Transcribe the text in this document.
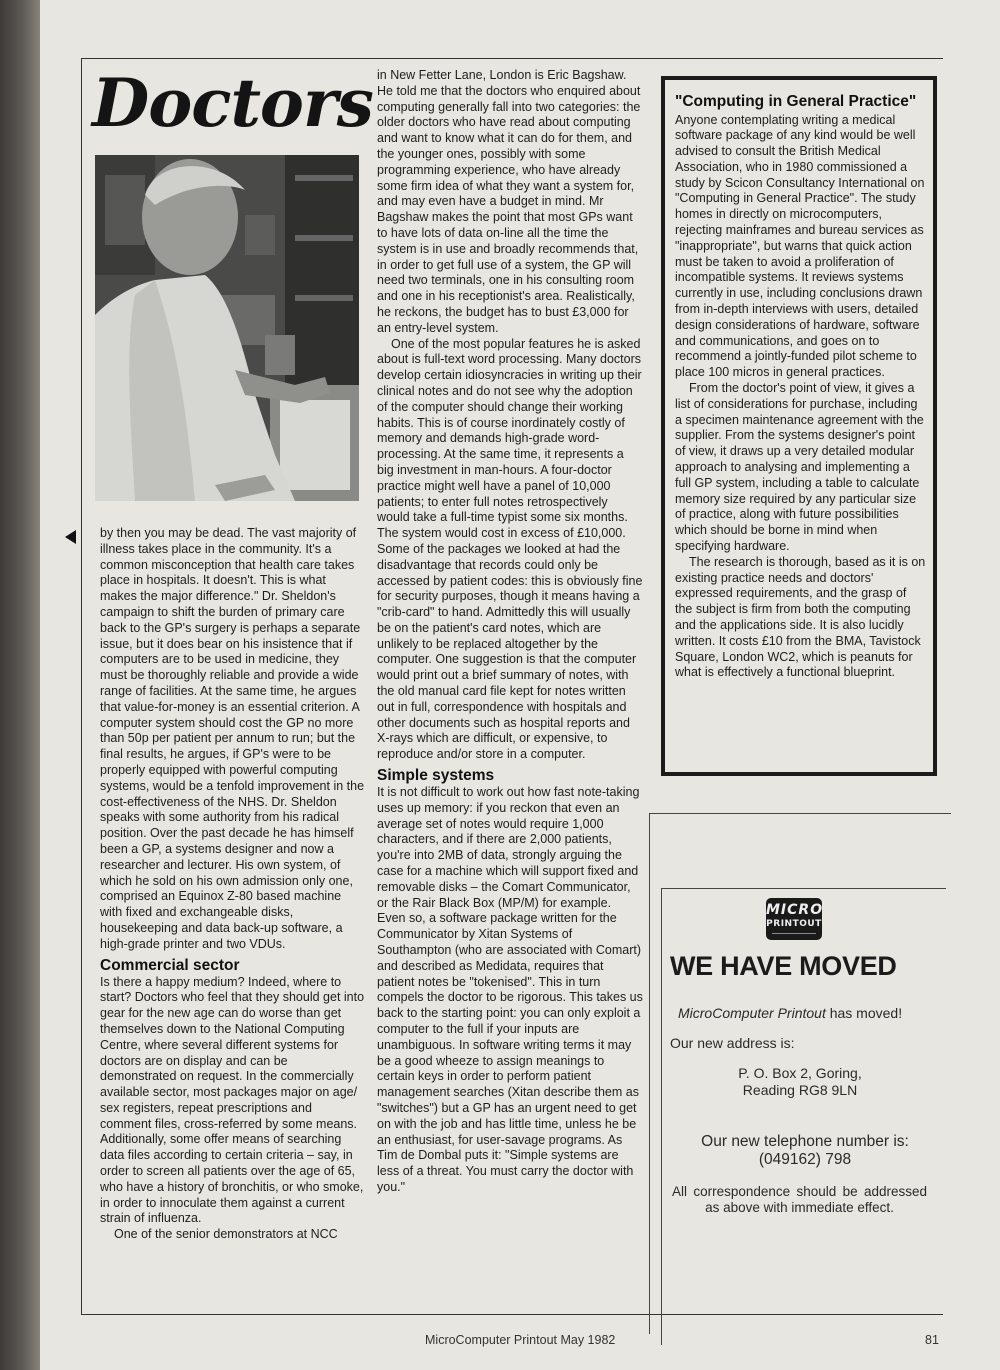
Doctors

by then you may be dead. The vast majority of illness takes place in the community. It's a common misconception that health care takes place in hospitals. It doesn't. This is what makes the major difference." Dr. Sheldon's campaign to shift the burden of primary care back to the GP's surgery is perhaps a separate issue, but it does bear on his insistence that if computers are to be used in medicine, they must be thoroughly reliable and provide a wide range of facilities. At the same time, he argues that value-for-money is an essential criterion. A computer system should cost the GP no more than 50p per patient per annum to run; but the final results, he argues, if GP's were to be properly equipped with powerful computing systems, would be a tenfold improvement in the cost-effectiveness of the NHS. Dr. Sheldon speaks with some authority from his radical position. Over the past decade he has himself been a GP, a systems designer and now a researcher and lecturer. His own system, of which he sold on his own admission only one, comprised an Equinox Z-80 based machine with fixed and exchangeable disks, housekeeping and data back-up software, a high-grade printer and two VDUs.

Commercial sector

Is there a happy medium? Indeed, where to start? Doctors who feel that they should get into gear for the new age can do worse than get themselves down to the National Computing Centre, where several different systems for doctors are on display and can be demonstrated on request. In the commercially available sector, most packages major on age/ sex registers, repeat prescriptions and comment files, cross-referred by some means. Additionally, some offer means of searching data files according to certain criteria – say, in order to screen all patients over the age of 65, who have a history of bronchitis, or who smoke, in order to innoculate them against a current strain of influenza.

One of the senior demonstrators at NCC

in New Fetter Lane, London is Eric Bagshaw. He told me that the doctors who enquired about computing generally fall into two categories: the older doctors who have read about computing and want to know what it can do for them, and the younger ones, possibly with some programming experience, who have already some firm idea of what they want a system for, and may even have a budget in mind. Mr Bagshaw makes the point that most GPs want to have lots of data on-line all the time the system is in use and broadly recommends that, in order to get full use of a system, the GP will need two terminals, one in his consulting room and one in his receptionist's area. Realistically, he reckons, the budget has to bust £3,000 for an entry-level system.

One of the most popular features he is asked about is full-text word processing. Many doctors develop certain idiosyncracies in writing up their clinical notes and do not see why the adoption of the computer should change their working habits. This is of course inordinately costly of memory and demands high-grade word-processing. At the same time, it represents a big investment in man-hours. A four-doctor practice might well have a panel of 10,000 patients; to enter full notes retrospectively would take a full-time typist some six months. The system would cost in excess of £10,000. Some of the packages we looked at had the disadvantage that records could only be accessed by patient codes: this is obviously fine for security purposes, though it means having a "crib-card" to hand. Admittedly this will usually be on the patient's card notes, which are unlikely to be replaced altogether by the computer. One suggestion is that the computer would print out a brief summary of notes, with the old manual card file kept for notes written out in full, correspondence with hospitals and other documents such as hospital reports and X-rays which are difficult, or expensive, to reproduce and/or store in a computer.

Simple systems

It is not difficult to work out how fast note-taking uses up memory: if you reckon that even an average set of notes would require 1,000 characters, and if there are 2,000 patients, you're into 2MB of data, strongly arguing the case for a machine which will support fixed and removable disks – the Comart Communicator, or the Rair Black Box (MP/M) for example. Even so, a software package written for the Communicator by Xitan Systems of Southampton (who are associated with Comart) and described as Medidata, requires that patient notes be "tokenised". This in turn compels the doctor to be rigorous. This takes us back to the starting point: you can only exploit a computer to the full if your inputs are unambiguous. In software writing terms it may be a good wheeze to assign meanings to certain keys in order to perform patient management searches (Xitan describe them as "switches") but a GP has an urgent need to get on with the job and has little time, unless he be an enthusiast, for user-savage programs. As Tim de Dombal puts it: "Simple systems are less of a threat. You must carry the doctor with you."

"Computing in General Practice"

Anyone contemplating writing a medical software package of any kind would be well advised to consult the British Medical Association, who in 1980 commissioned a study by Scicon Consultancy International on "Computing in General Practice". The study homes in directly on microcomputers, rejecting mainframes and bureau services as "inappropriate", but warns that quick action must be taken to avoid a proliferation of incompatible systems. It reviews systems currently in use, including conclusions drawn from in-depth interviews with users, detailed design considerations of hardware, software and communications, and goes on to recommend a jointly-funded pilot scheme to place 100 micros in general practices.

From the doctor's point of view, it gives a list of considerations for purchase, including a specimen maintenance agreement with the supplier. From the systems designer's point of view, it draws up a very detailed modular approach to analysing and implementing a full GP system, including a table to calculate memory size required by any particular size of practice, along with future possibilities which should be borne in mind when specifying hardware.

The research is thorough, based as it is on existing practice needs and doctors' expressed requirements, and the grasp of the subject is firm from both the computing and the applications side. It is also lucidly written. It costs £10 from the BMA, Tavistock Square, London WC2, which is peanuts for what is effectively a functional blueprint.

MICRO
PRINTOUT
WE HAVE MOVED
MicroComputer Printout has moved!
Our new address is:
P. O. Box 2, Goring,
Reading RG8 9LN
Our new telephone number is:
(049162) 798
All correspondence should be addressed as above with immediate effect.
MicroComputer Printout May 1982	81
